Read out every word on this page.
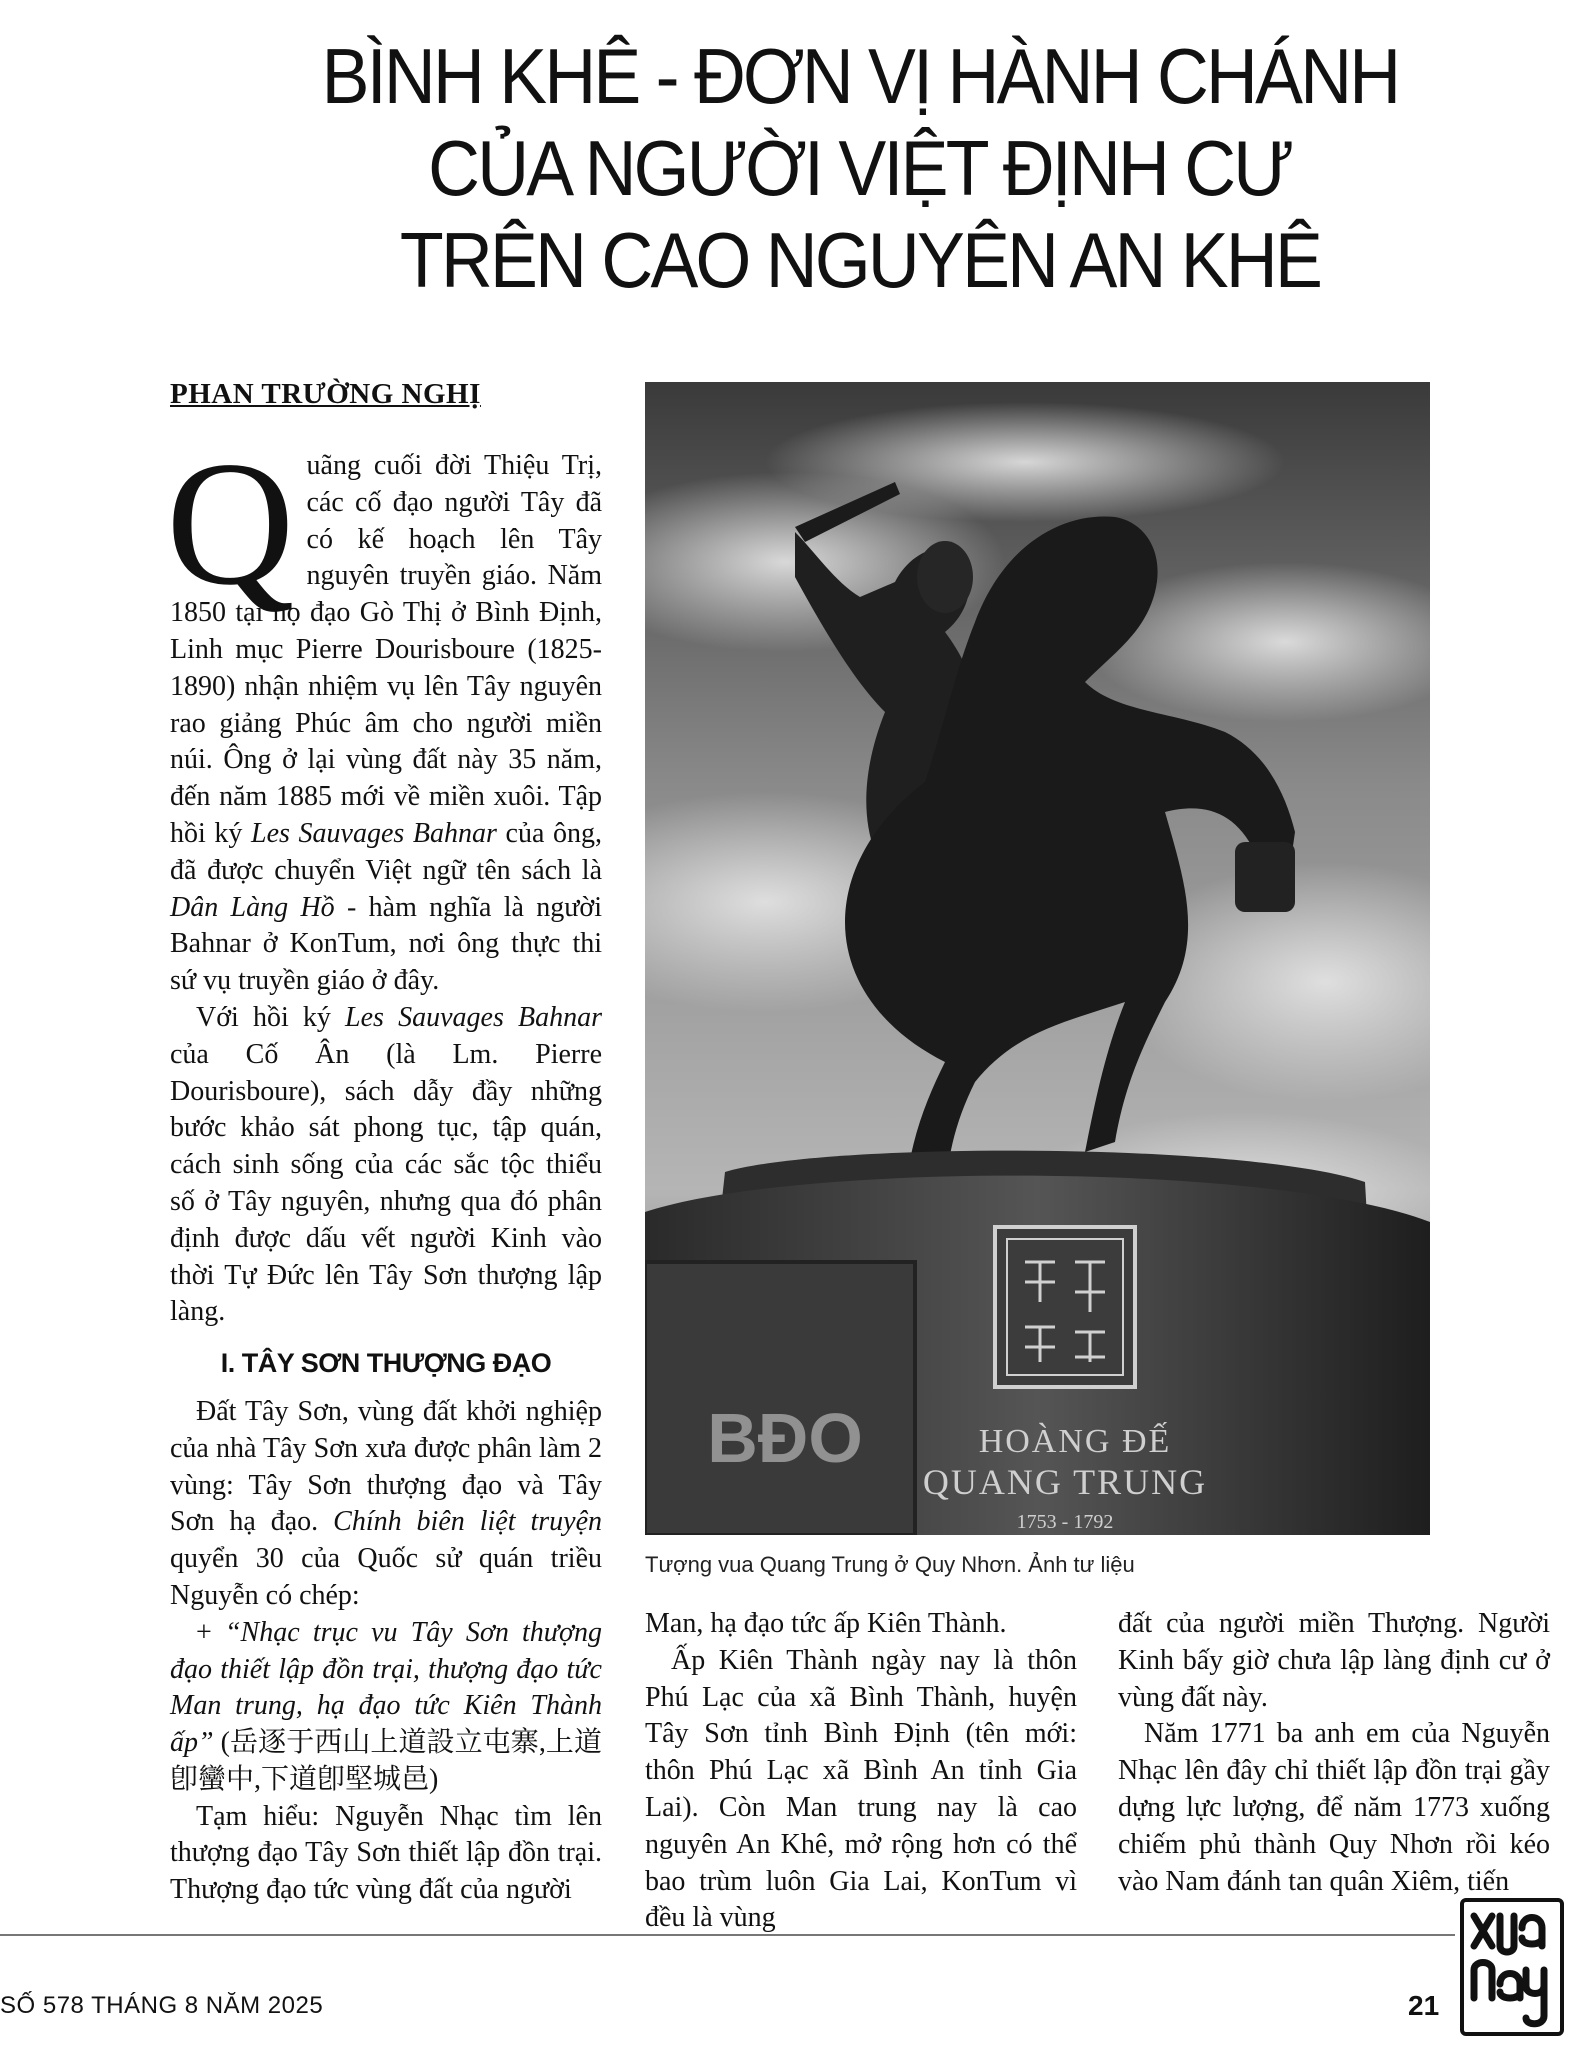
BÌNH KHÊ - ĐƠN VỊ HÀNH CHÁNH
CỦA NGƯỜI VIỆT ĐỊNH CƯ
TRÊN CAO NGUYÊN AN KHÊ
PHAN TRƯỜNG NGHỊ
Q uãng cuối đời Thiệu Trị, các cố đạo người Tây đã có kế hoạch lên Tây nguyên truyền giáo. Năm 1850 tại họ đạo Gò Thị ở Bình Định, Linh mục Pierre Dourisboure (1825-1890) nhận nhiệm vụ lên Tây nguyên rao giảng Phúc âm cho người miền núi. Ông ở lại vùng đất này 35 năm, đến năm 1885 mới về miền xuôi. Tập hồi ký Les Sauvages Bahnar của ông, đã được chuyển Việt ngữ tên sách là Dân Làng Hồ - hàm nghĩa là người Bahnar ở KonTum, nơi ông thực thi sứ vụ truyền giáo ở đây.

Với hồi ký Les Sauvages Bahnar của Cố Ân (là Lm. Pierre Dourisboure), sách dẫy đầy những bước khảo sát phong tục, tập quán, cách sinh sống của các sắc tộc thiểu số ở Tây nguyên, nhưng qua đó phân định được dấu vết người Kinh vào thời Tự Đức lên Tây Sơn thượng lập làng.

I. TÂY SƠN THƯỢNG ĐẠO

Đất Tây Sơn, vùng đất khởi nghiệp của nhà Tây Sơn xưa được phân làm 2 vùng: Tây Sơn thượng đạo và Tây Sơn hạ đạo. Chính biên liệt truyện quyển 30 của Quốc sử quán triều Nguyễn có chép:

+ “Nhạc trục vu Tây Sơn thượng đạo thiết lập đồn trại, thượng đạo tức Man trung, hạ đạo tức Kiên Thành ấp” (岳逐于西山上道設立屯寨,上道卽蠻中,下道卽堅城邑)

Tạm hiểu: Nguyễn Nhạc tìm lên thượng đạo Tây Sơn thiết lập đồn trại. Thượng đạo tức vùng đất của người

HOÀNG ĐẾ
QUANG TRUNG
1753 - 1792
BĐO
Tượng vua Quang Trung ở Quy Nhơn. Ảnh tư liệu

Man, hạ đạo tức ấp Kiên Thành.

Ấp Kiên Thành ngày nay là thôn Phú Lạc của xã Bình Thành, huyện Tây Sơn tỉnh Bình Định (tên mới: thôn Phú Lạc xã Bình An tỉnh Gia Lai). Còn Man trung nay là cao nguyên An Khê, mở rộng hơn có thể bao trùm luôn Gia Lai, KonTum vì đều là vùng

đất của người miền Thượng. Người Kinh bấy giờ chưa lập làng định cư ở vùng đất này.

Năm 1771 ba anh em của Nguyễn Nhạc lên đây chỉ thiết lập đồn trại gầy dựng lực lượng, để năm 1773 xuống chiếm phủ thành Quy Nhơn rồi kéo vào Nam đánh tan quân Xiêm, tiến

SỐ 578 THÁNG 8 NĂM 2025	21
